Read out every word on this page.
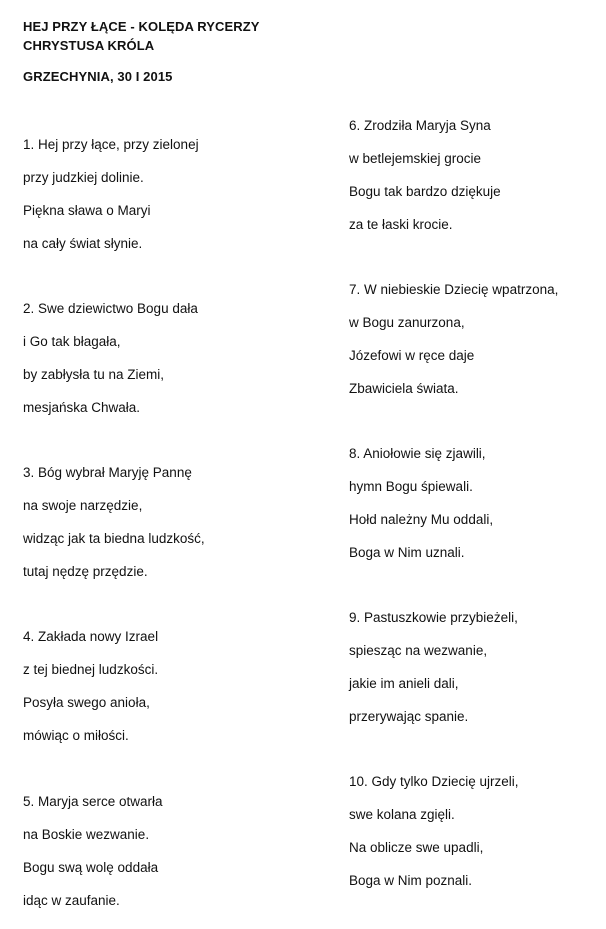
HEJ PRZY ŁĄCE - KOLĘDA RYCERZY
CHRYSTUSA KRÓLA
GRZECHYNIA, 30 I 2015
1. Hej przy łące, przy zielonej
przy judzkiej dolinie.
Piękna sława o Maryi
na cały świat słynie.
2. Swe dziewictwo Bogu dała
i Go tak błagała,
by zabłysła tu na Ziemi,
mesjańska Chwała.
3. Bóg wybrał Maryję Pannę
na swoje narzędzie,
widząc jak ta biedna ludzkość,
tutaj nędzę przędzie.
4. Zakłada nowy Izrael
z tej biednej ludzkości.
Posyła swego anioła,
mówiąc o miłości.
5. Maryja serce otwarła
na Boskie wezwanie.
Bogu swą wolę oddała
idąc w zaufanie.
6. Zrodziła Maryja Syna
w betlejemskiej grocie
Bogu tak bardzo dziękuje
za te łaski krocie.
7. W niebieskie Dziecię wpatrzona,
w Bogu zanurzona,
Józefowi w ręce daje
Zbawiciela świata.
8. Aniołowie się zjawili,
hymn Bogu śpiewali.
Hołd należny Mu oddali,
Boga w Nim uznali.
9. Pastuszkowie przybieżeli,
spiesząc na wezwanie,
jakie im anieli dali,
przerywając spanie.
10. Gdy tylko Dziecię ujrzeli,
swe kolana zgięli.
Na oblicze swe upadli,
Boga w Nim poznali.
